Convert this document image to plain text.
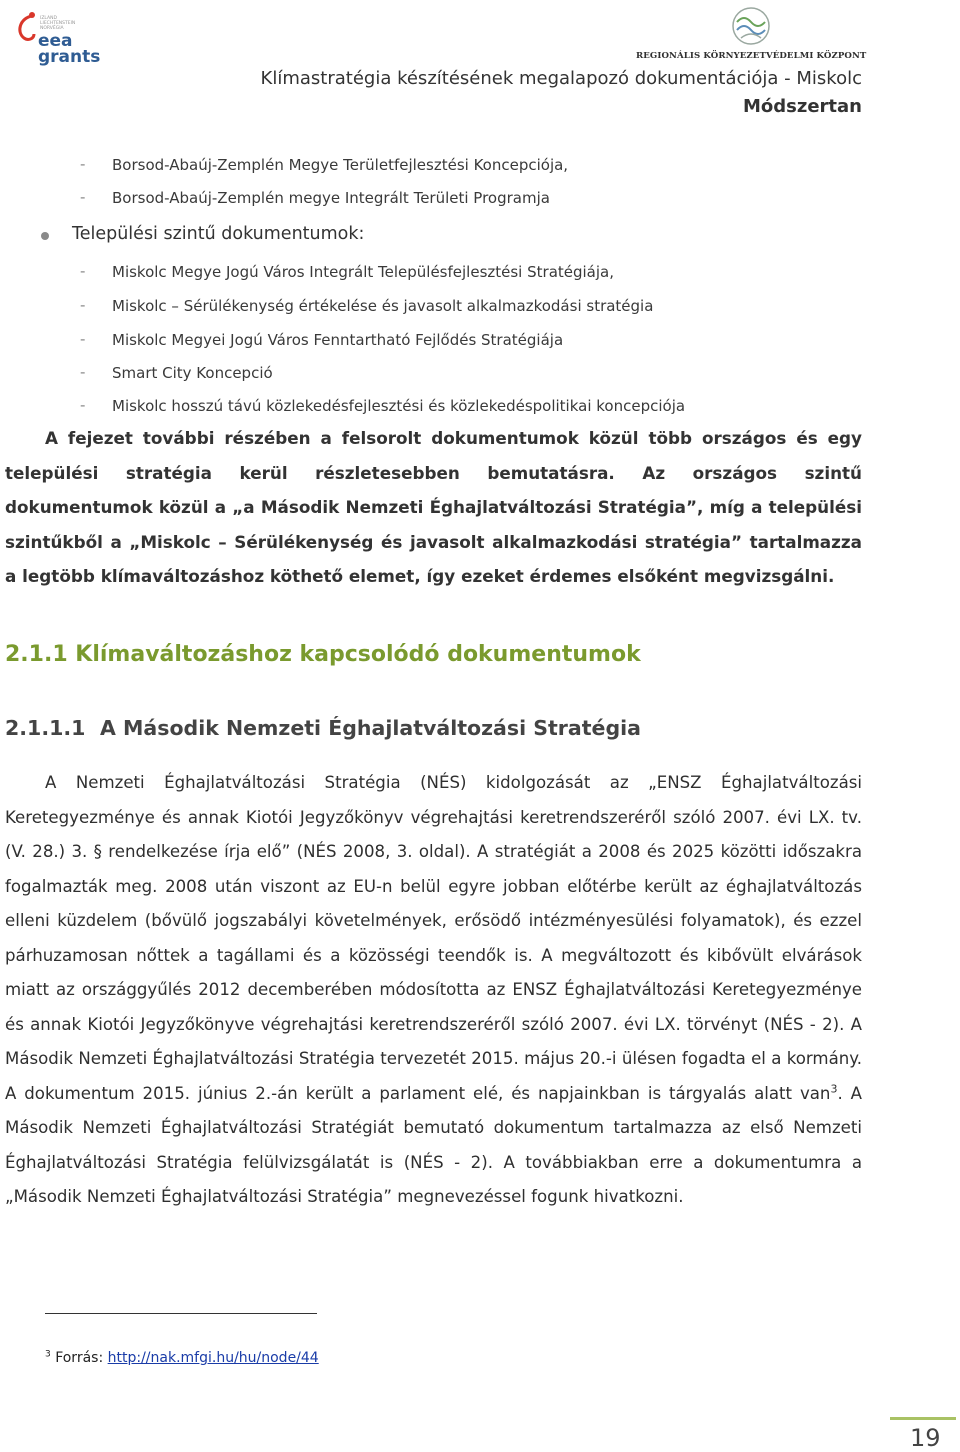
IZLAND
LIECHTENSTEIN
NORVÉGIA
eea
grants	REGIONÁLIS KÖRNYEZETVÉDELMI KÖZPONT
Klímastratégia készítésének megalapozó dokumentációja - Miskolc
Módszertan
- Borsod-Abaúj-Zemplén Megye Területfejlesztési Koncepciója,
- Borsod-Abaúj-Zemplén megye Integrált Területi Programja
Települési szintű dokumentumok:
- Miskolc Megye Jogú Város Integrált Településfejlesztési Stratégiája,
- Miskolc – Sérülékenység értékelése és javasolt alkalmazkodási stratégia
- Miskolc Megyei Jogú Város Fenntartható Fejlődés Stratégiája
- Smart City Koncepció
- Miskolc hosszú távú közlekedésfejlesztési és közlekedéspolitikai koncepciója
A fejezet további részében a felsorolt dokumentumok közül több országos és egy települési stratégia kerül részletesebben bemutatásra. Az országos szintű dokumentumok közül a „a Második Nemzeti Éghajlatváltozási Stratégia”, míg a települési szintűkből a „Miskolc – Sérülékenység és javasolt alkalmazkodási stratégia” tartalmazza a legtöbb klímaváltozáshoz köthető elemet, így ezeket érdemes elsőként megvizsgálni.
2.1.1 Klímaváltozáshoz kapcsolódó dokumentumok
2.1.1.1 A Második Nemzeti Éghajlatváltozási Stratégia
A Nemzeti Éghajlatváltozási Stratégia (NÉS) kidolgozását az „ENSZ Éghajlatváltozási Keretegyezménye és annak Kiotói Jegyzőkönyv végrehajtási keretrendszeréről szóló 2007. évi LX. tv. (V. 28.) 3. § rendelkezése írja elő” (NÉS 2008, 3. oldal). A stratégiát a 2008 és 2025 közötti időszakra fogalmazták meg. 2008 után viszont az EU-n belül egyre jobban előtérbe került az éghajlatváltozás elleni küzdelem (bővülő jogszabályi követelmények, erősödő intézményesülési folyamatok), és ezzel párhuzamosan nőttek a tagállami és a közösségi teendők is. A megváltozott és kibővült elvárások miatt az országgyűlés 2012 decemberében módosította az ENSZ Éghajlatváltozási Keretegyezménye és annak Kiotói Jegyzőkönyve végrehajtási keretrendszeréről szóló 2007. évi LX. törvényt (NÉS - 2). A Második Nemzeti Éghajlatváltozási Stratégia tervezetét 2015. május 20.-i ülésen fogadta el a kormány. A dokumentum 2015. június 2.-án került a parlament elé, és napjainkban is tárgyalás alatt van$^3$. A Második Nemzeti Éghajlatváltozási Stratégiát bemutató dokumentum tartalmazza az első Nemzeti Éghajlatváltozási Stratégia felülvizsgálatát is (NÉS - 2). A továbbiakban erre a dokumentumra a „Második Nemzeti Éghajlatváltozási Stratégia” megnevezéssel fogunk hivatkozni.
$^3$ Forrás: http://nak.mfgi.hu/hu/node/44
19
